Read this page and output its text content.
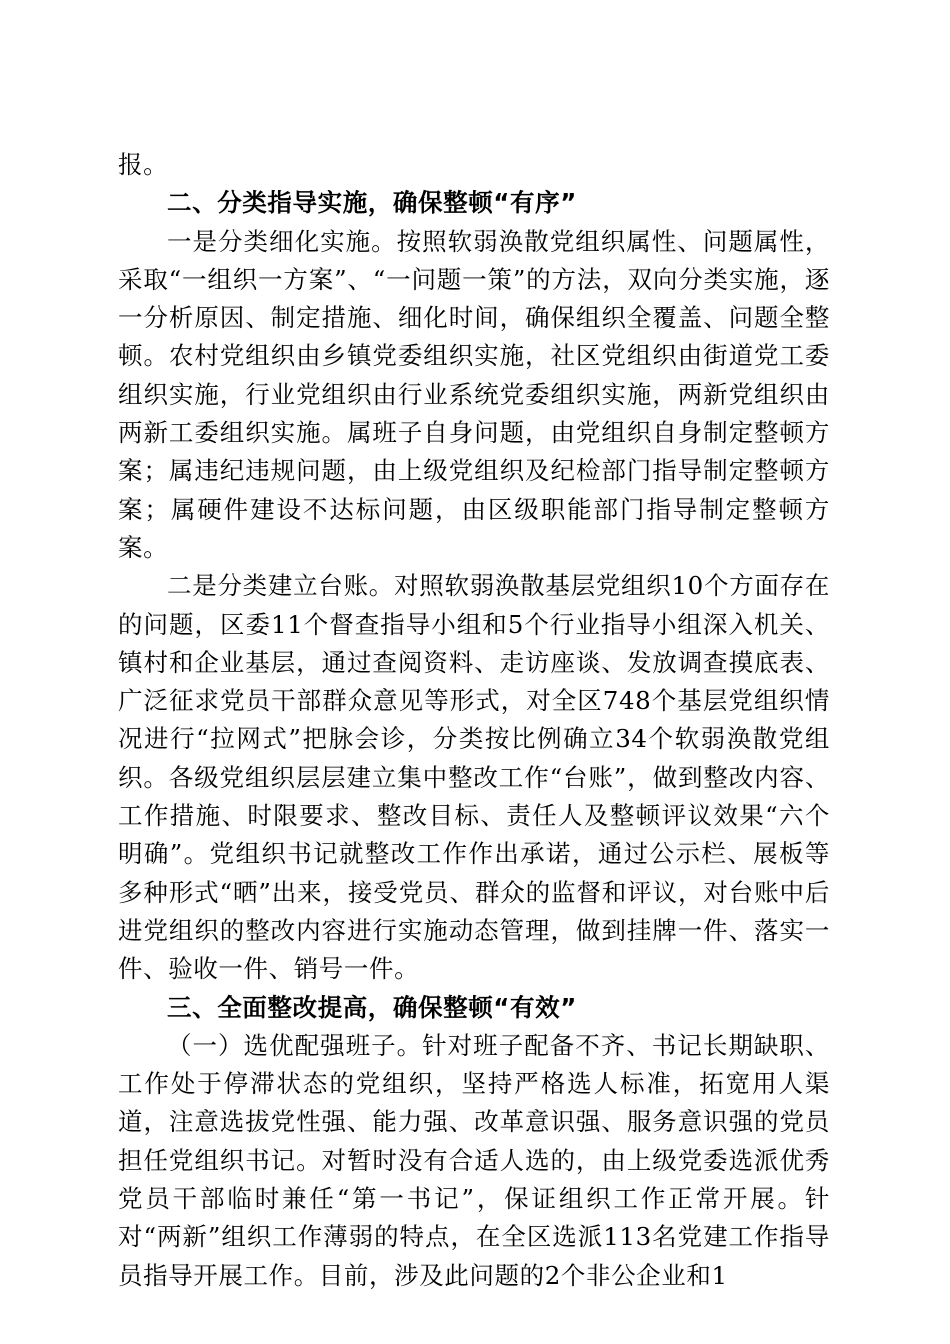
报。

二、分类指导实施，确保整顿“有序”

一是分类细化实施。按照软弱涣散党组织属性、问题属性，采取“一组织一方案”、“一问题一策”的方法，双向分类实施，逐一分析原因、制定措施、细化时间，确保组织全覆盖、问题全整顿。农村党组织由乡镇党委组织实施，社区党组织由街道党工委组织实施，行业党组织由行业系统党委组织实施，两新党组织由两新工委组织实施。属班子自身问题，由党组织自身制定整顿方案；属违纪违规问题，由上级党组织及纪检部门指导制定整顿方案；属硬件建设不达标问题，由区级职能部门指导制定整顿方案。

二是分类建立台账。对照软弱涣散基层党组织10个方面存在的问题，区委11个督查指导小组和5个行业指导小组深入机关、镇村和企业基层，通过查阅资料、走访座谈、发放调查摸底表、广泛征求党员干部群众意见等形式，对全区748个基层党组织情况进行“拉网式”把脉会诊，分类按比例确立34个软弱涣散党组织。各级党组织层层建立集中整改工作“台账”，做到整改内容、工作措施、时限要求、整改目标、责任人及整顿评议效果“六个明确”。党组织书记就整改工作作出承诺，通过公示栏、展板等多种形式“晒”出来，接受党员、群众的监督和评议，对台账中后进党组织的整改内容进行实施动态管理，做到挂牌一件、落实一件、验收一件、销号一件。

三、全面整改提高，确保整顿“有效”

（一）选优配强班子。针对班子配备不齐、书记长期缺职、工作处于停滞状态的党组织，坚持严格选人标准，拓宽用人渠道，注意选拔党性强、能力强、改革意识强、服务意识强的党员担任党组织书记。对暂时没有合适人选的，由上级党委选派优秀党员干部临时兼任“第一书记”，保证组织工作正常开展。针对“两新”组织工作薄弱的特点，在全区选派113名党建工作指导员指导开展工作。目前，涉及此问题的2个非公企业和1
